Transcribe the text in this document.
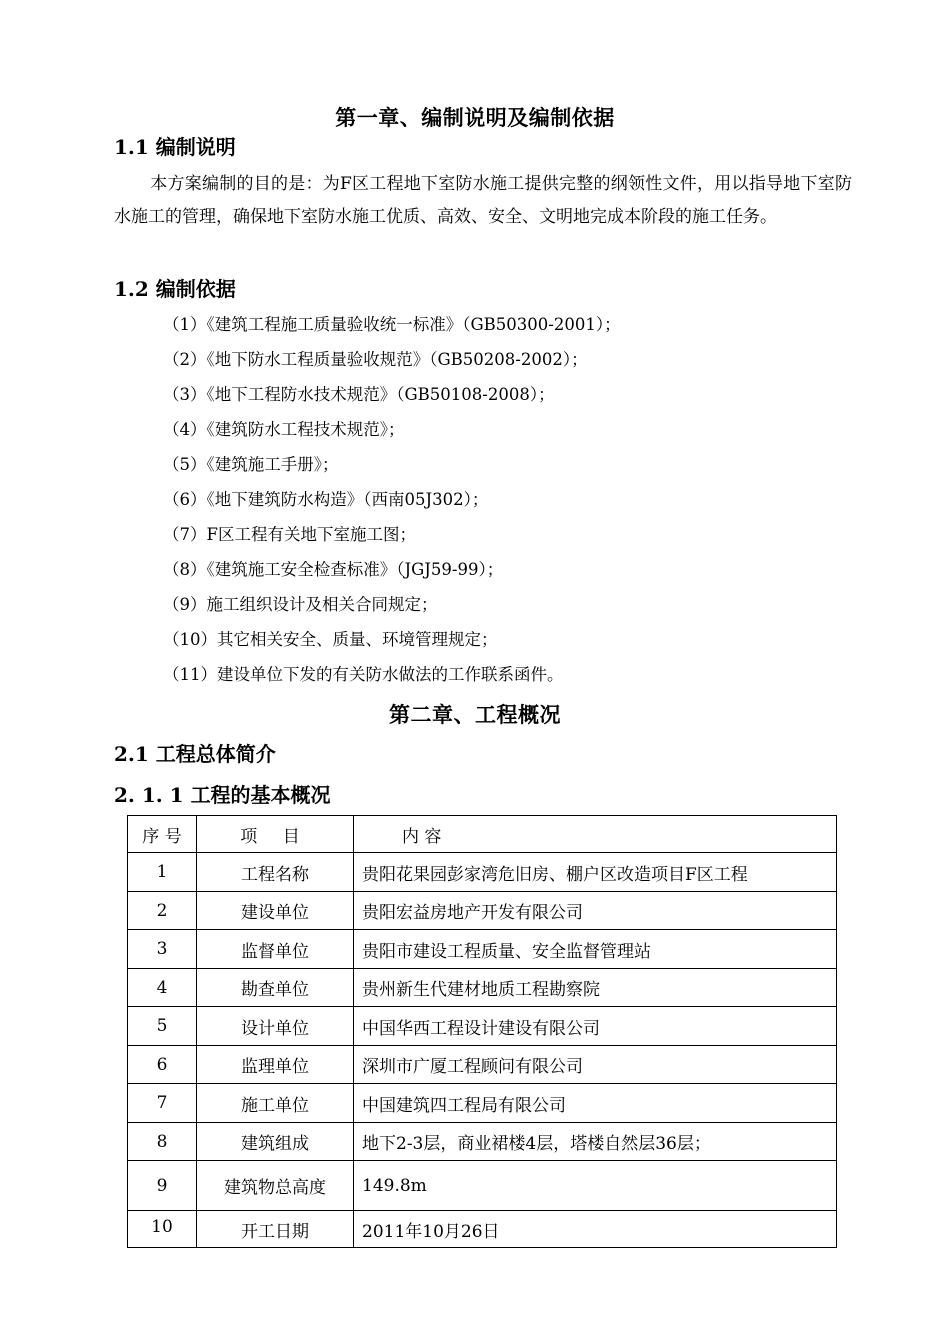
第一章、编制说明及编制依据
1.1 编制说明
本方案编制的目的是：为F区工程地下室防水施工提供完整的纲领性文件，用以指导地下室防水施工的管理，确保地下室防水施工优质、高效、安全、文明地完成本阶段的施工任务。
1.2 编制依据
（1）《建筑工程施工质量验收统一标准》（GB50300-2001）；
（2）《地下防水工程质量验收规范》（GB50208-2002）；
（3）《地下工程防水技术规范》（GB50108-2008）；
（4）《建筑防水工程技术规范》；
（5）《建筑施工手册》；
（6）《地下建筑防水构造》（西南05J302）；
（7）F区工程有关地下室施工图；
（8）《建筑施工安全检查标准》（JGJ59-99）；
（9）施工组织设计及相关合同规定；
（10）其它相关安全、质量、环境管理规定；
（11）建设单位下发的有关防水做法的工作联系函件。
第二章、工程概况
2.1 工程总体简介
2. 1. 1 工程的基本概况
序 号	项 目	内 容
1	工程名称	贵阳花果园彭家湾危旧房、棚户区改造项目F区工程
2	建设单位	贵阳宏益房地产开发有限公司
3	监督单位	贵阳市建设工程质量、安全监督管理站
4	勘查单位	贵州新生代建材地质工程勘察院
5	设计单位	中国华西工程设计建设有限公司
6	监理单位	深圳市广厦工程顾问有限公司
7	施工单位	中国建筑四工程局有限公司
8	建筑组成	地下2-3层，商业裙楼4层，塔楼自然层36层；
9	建筑物总高度	149.8m
10	开工日期	2011年10月26日
